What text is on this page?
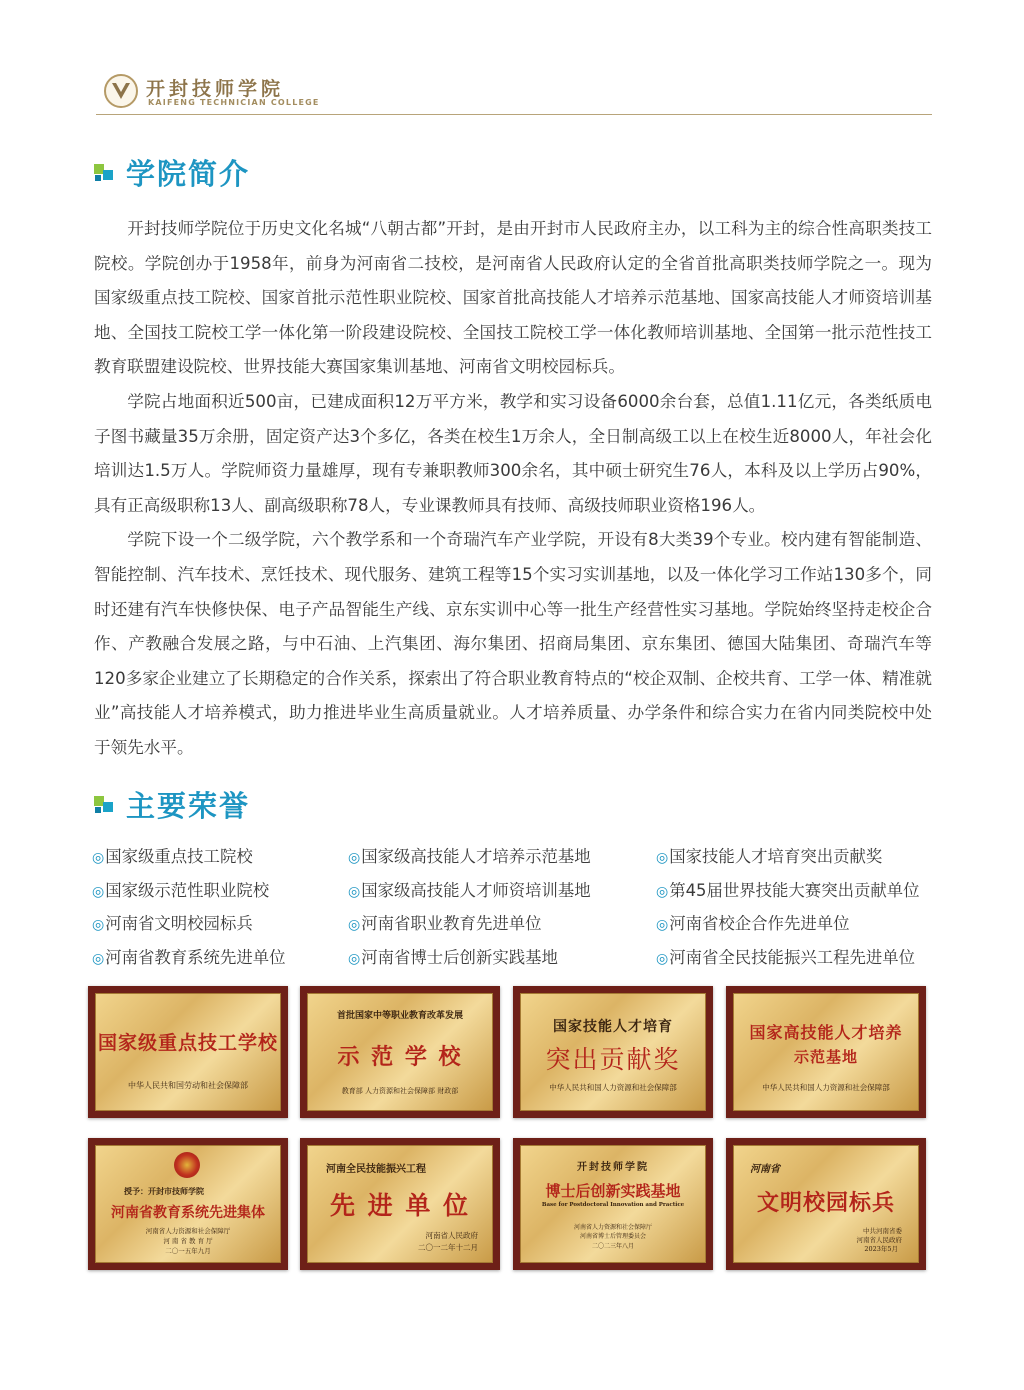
开封技师学院
KAIFENG TECHNICIAN COLLEGE
学院简介

开封技师学院位于历史文化名城“八朝古都”开封，是由开封市人民政府主办，以工科为主的综合性高职类技工院校。学院创办于1958年，前身为河南省二技校，是河南省人民政府认定的全省首批高职类技师学院之一。现为国家级重点技工院校、国家首批示范性职业院校、国家首批高技能人才培养示范基地、国家高技能人才师资培训基地、全国技工院校工学一体化第一阶段建设院校、全国技工院校工学一体化教师培训基地、全国第一批示范性技工教育联盟建设院校、世界技能大赛国家集训基地、河南省文明校园标兵。

学院占地面积近500亩，已建成面积12万平方米，教学和实习设备6000余台套，总值1.11亿元，各类纸质电子图书藏量35万余册，固定资产达3个多亿，各类在校生1万余人，全日制高级工以上在校生近8000人，年社会化培训达1.5万人。学院师资力量雄厚，现有专兼职教师300余名，其中硕士研究生76人，本科及以上学历占90%，具有正高级职称13人、副高级职称78人，专业课教师具有技师、高级技师职业资格196人。

学院下设一个二级学院，六个教学系和一个奇瑞汽车产业学院，开设有8大类39个专业。校内建有智能制造、智能控制、汽车技术、烹饪技术、现代服务、建筑工程等15个实习实训基地，以及一体化学习工作站130多个，同时还建有汽车快修快保、电子产品智能生产线、京东实训中心等一批生产经营性实习基地。学院始终坚持走校企合作、产教融合发展之路，与中石油、上汽集团、海尔集团、招商局集团、京东集团、德国大陆集团、奇瑞汽车等120多家企业建立了长期稳定的合作关系，探索出了符合职业教育特点的“校企双制、企校共育、工学一体、精准就业”高技能人才培养模式，助力推进毕业生高质量就业。人才培养质量、办学条件和综合实力在省内同类院校中处于领先水平。

主要荣誉
◎国家级重点技工院校	◎国家级高技能人才培养示范基地	◎国家技能人才培育突出贡献奖
◎国家级示范性职业院校	◎国家级高技能人才师资培训基地	◎第45届世界技能大赛突出贡献单位
◎河南省文明校园标兵	◎河南省职业教育先进单位	◎河南省校企合作先进单位
◎河南省教育系统先进单位	◎河南省博士后创新实践基地	◎河南省全民技能振兴工程先进单位
国家级重点技工学校
中华人民共和国劳动和社会保障部
首批国家中等职业教育改革发展
示 范 学 校
教育部 人力资源和社会保障部 财政部
国家技能人才培育
突出贡献奖
中华人民共和国人力资源和社会保障部
国家高技能人才培养
示范基地
中华人民共和国人力资源和社会保障部
授予：开封市技师学院
河南省教育系统先进集体
河南省人力资源和社会保障厅
河 南 省 教 育 厅
二〇一五年九月
河南全民技能振兴工程
先 进 单 位
河南省人民政府
二〇一二年十二月
开封技师学院
博士后创新实践基地
Base for Postdoctoral Innovation and Practice
河南省人力资源和社会保障厅
河南省博士后管理委员会
二〇二三年八月
河南省
文明校园标兵
中共河南省委
河南省人民政府
2023年5月
